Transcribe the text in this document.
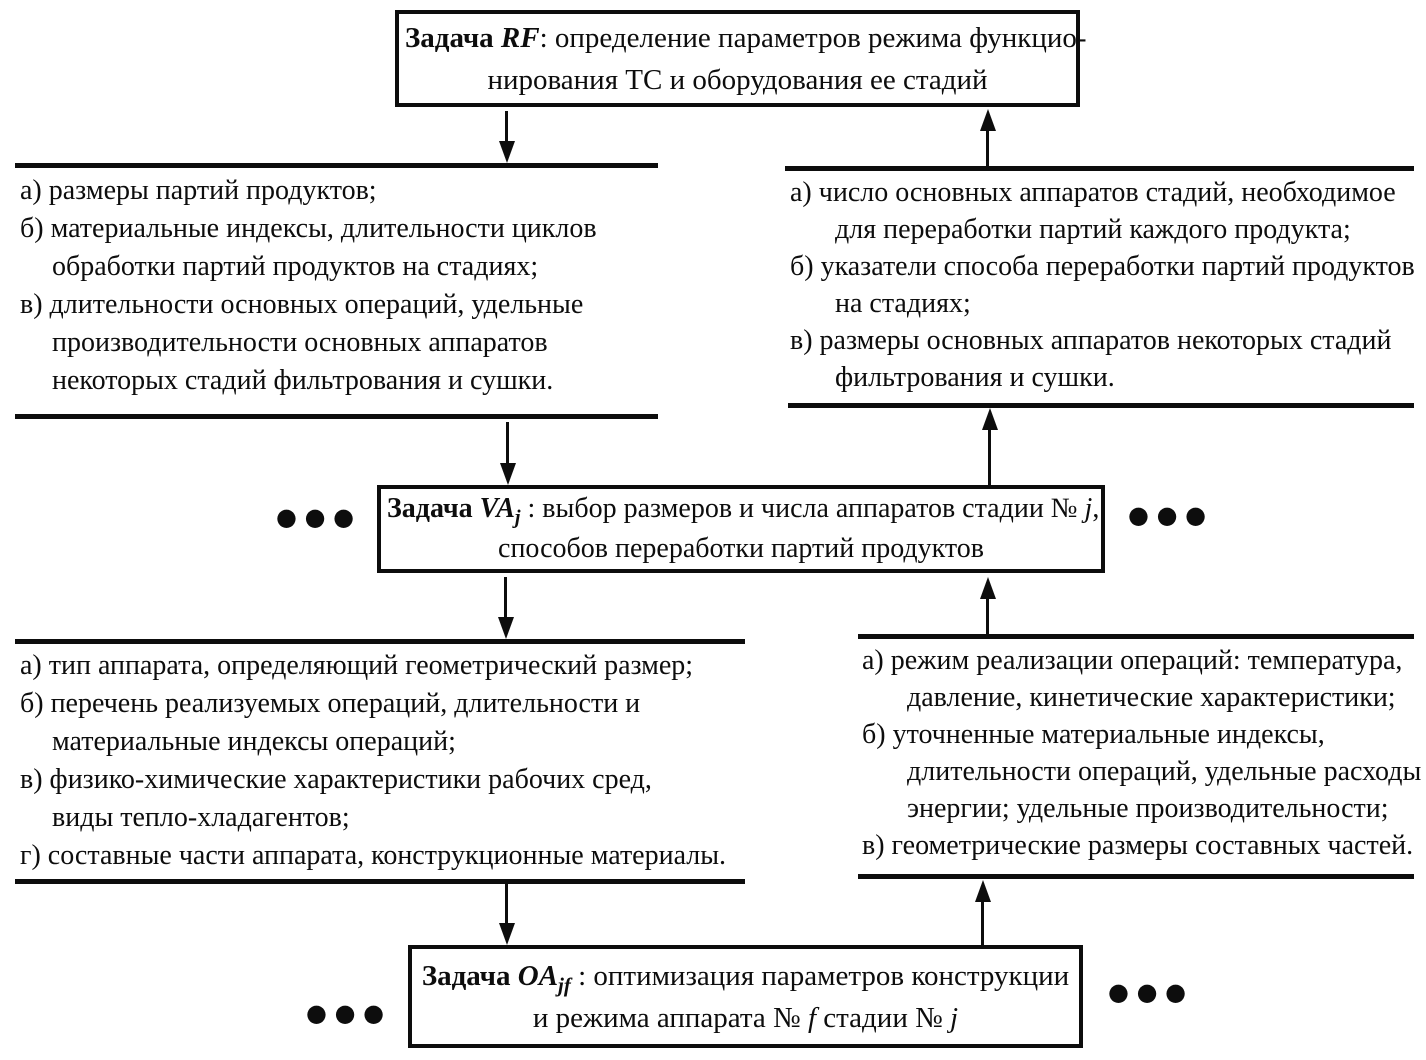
Задача RF: определение параметров режима функцио-
нирования ТС и оборудования ее стадий
а) размеры партий продуктов;
б) материальные индексы, длительности циклов
обработки партий продуктов на стадиях;
в) длительности основных операций, удельные
производительности основных аппаратов
некоторых стадий фильтрования и сушки.
а) число основных аппаратов стадий, необходимое
для переработки партий каждого продукта;
б) указатели способа переработки партий продуктов
на стадиях;
в) размеры основных аппаратов некоторых стадий
фильтрования и сушки.
● ● ●	● ● ●
Задача $VA_j$ : выбор размеров и числа аппаратов стадии № j,
способов переработки партий продуктов
а) тип аппарата, определяющий геометрический размер;
б) перечень реализуемых операций, длительности и
материальные индексы операций;
в) физико-химические характеристики рабочих сред,
виды тепло-хладагентов;
г) составные части аппарата, конструкционные материалы.
а) режим реализации операций: температура,
давление, кинетические характеристики;
б) уточненные материальные индексы,
длительности операций, удельные расходы
энергии; удельные производительности;
в) геометрические размеры составных частей.
● ● ●
● ● ●
Задача $OA_{jf}$ : оптимизация параметров конструкции
и режима аппарата № f стадии № j
